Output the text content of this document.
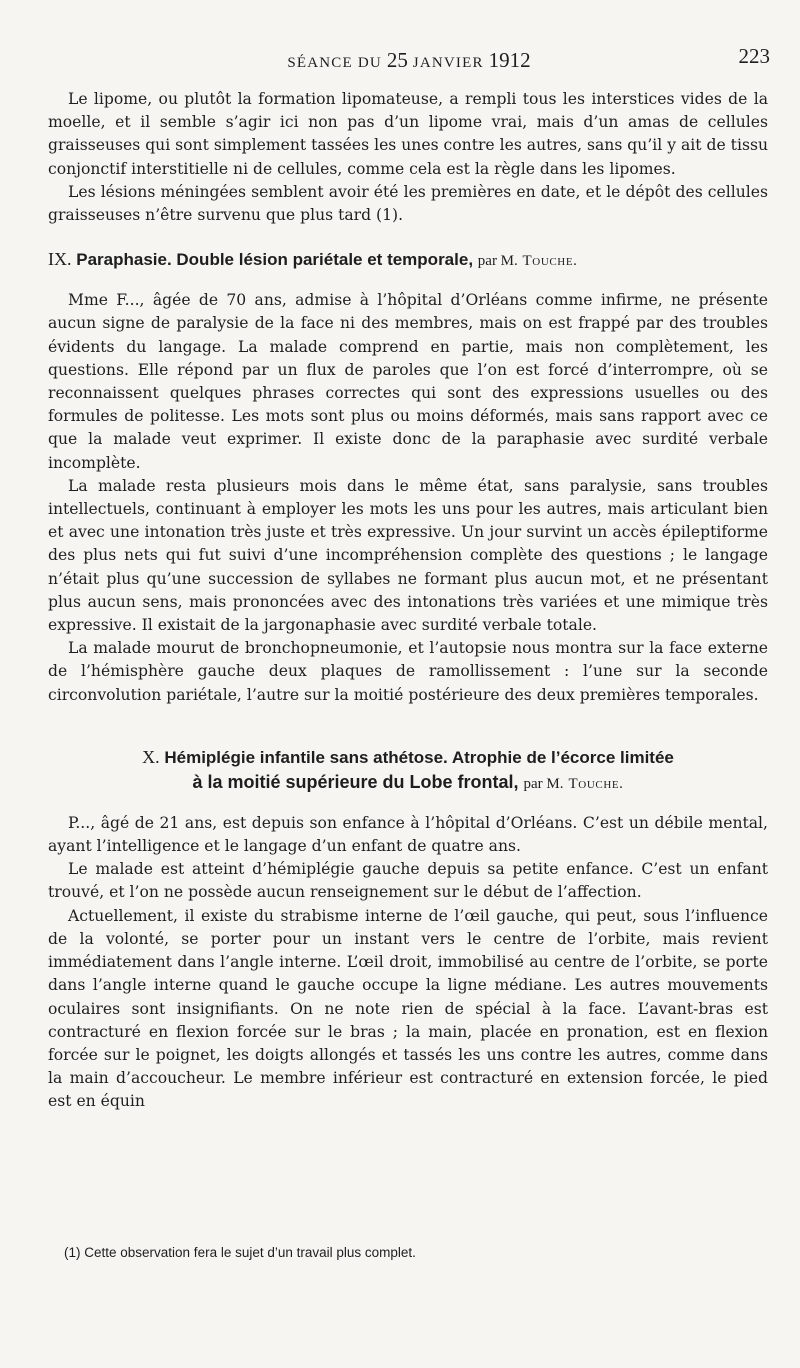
SÉANCE DU 25 JANVIER 1912	223

Le lipome, ou plutôt la formation lipomateuse, a rempli tous les interstices vides de la moelle, et il semble s’agir ici non pas d’un lipome vrai, mais d’un amas de cellules graisseuses qui sont simplement tassées les unes contre les autres, sans qu’il y ait de tissu conjonctif interstitielle ni de cellules, comme cela est la règle dans les lipomes.

Les lésions méningées semblent avoir été les premières en date, et le dépôt des cellules graisseuses n’être survenu que plus tard (1).

IX. Paraphasie. Double lésion pariétale et temporale, par M. Touche.

Mme F..., âgée de 70 ans, admise à l’hôpital d’Orléans comme infirme, ne présente aucun signe de paralysie de la face ni des membres, mais on est frappé par des troubles évidents du langage. La malade comprend en partie, mais non complètement, les questions. Elle répond par un flux de paroles que l’on est forcé d’interrompre, où se reconnaissent quelques phrases correctes qui sont des expressions usuelles ou des formules de politesse. Les mots sont plus ou moins déformés, mais sans rapport avec ce que la malade veut exprimer. Il existe donc de la paraphasie avec surdité verbale incomplète.

La malade resta plusieurs mois dans le même état, sans paralysie, sans troubles intellectuels, continuant à employer les mots les uns pour les autres, mais articulant bien et avec une intonation très juste et très expressive. Un jour survint un accès épileptiforme des plus nets qui fut suivi d’une incompréhension complète des questions ; le langage n’était plus qu’une succession de syllabes ne formant plus aucun mot, et ne présentant plus aucun sens, mais prononcées avec des intonations très variées et une mimique très expressive. Il existait de la jargonaphasie avec surdité verbale totale.

La malade mourut de bronchopneumonie, et l’autopsie nous montra sur la face externe de l’hémisphère gauche deux plaques de ramollissement : l’une sur la seconde circonvolution pariétale, l’autre sur la moitié postérieure des deux premières temporales.

X. Hémiplégie infantile sans athétose. Atrophie de l’écorce limitée
à la moitié supérieure du Lobe frontal, par M. Touche.

P..., âgé de 21 ans, est depuis son enfance à l’hôpital d’Orléans. C’est un débile mental, ayant l’intelligence et le langage d’un enfant de quatre ans.

Le malade est atteint d’hémiplégie gauche depuis sa petite enfance. C’est un enfant trouvé, et l’on ne possède aucun renseignement sur le début de l’affection.

Actuellement, il existe du strabisme interne de l’œil gauche, qui peut, sous l’influence de la volonté, se porter pour un instant vers le centre de l’orbite, mais revient immédiatement dans l’angle interne. L’œil droit, immobilisé au centre de l’orbite, se porte dans l’angle interne quand le gauche occupe la ligne médiane. Les autres mouvements oculaires sont insignifiants. On ne note rien de spécial à la face. L’avant-bras est contracturé en flexion forcée sur le bras ; la main, placée en pronation, est en flexion forcée sur le poignet, les doigts allongés et tassés les uns contre les autres, comme dans la main d’accoucheur. Le membre inférieur est contracturé en extension forcée, le pied est en équin

(1) Cette observation fera le sujet d’un travail plus complet.
